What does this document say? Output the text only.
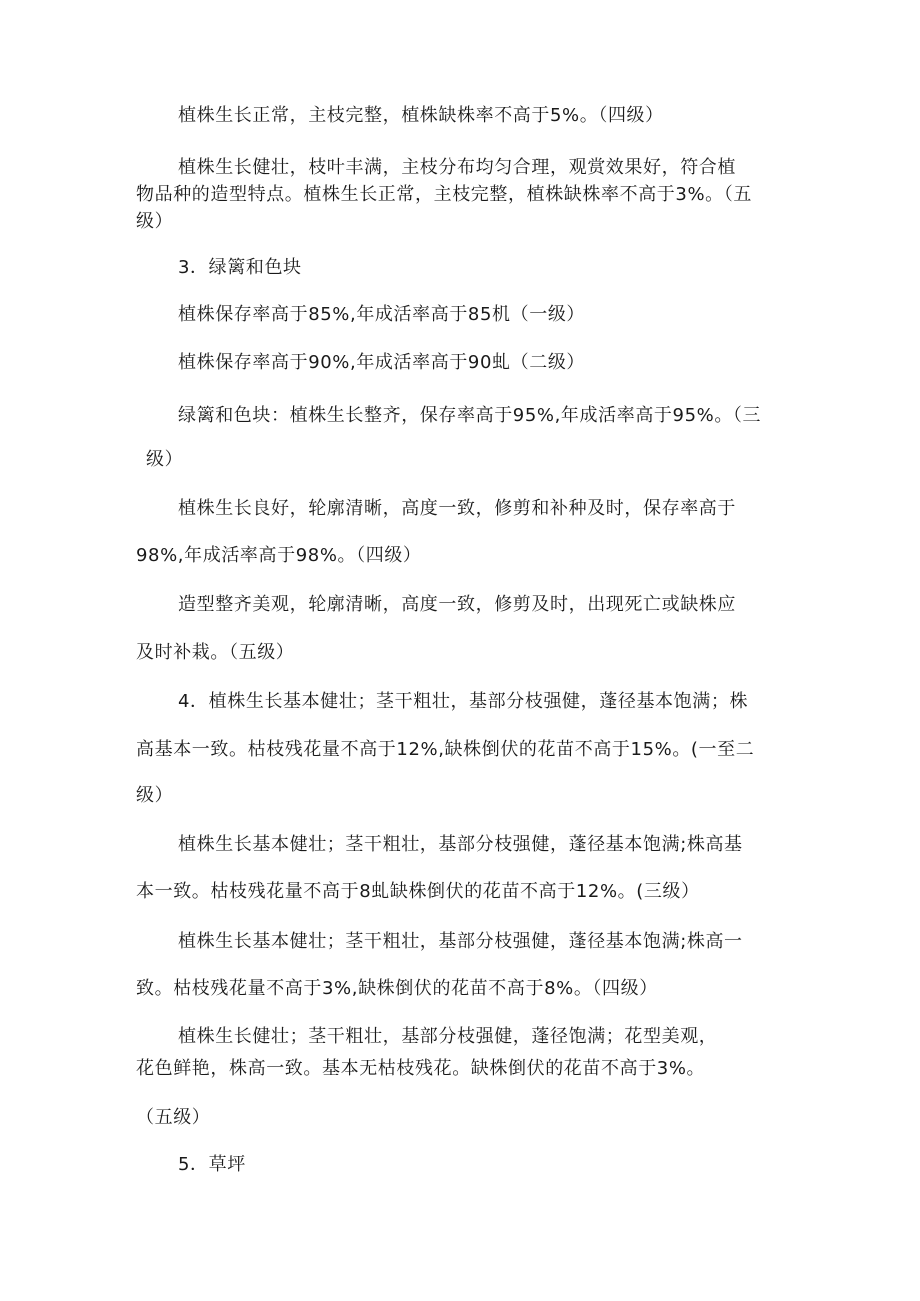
植株生长正常，主枝完整，植株缺株率不高于5%。（四级）
植株生长健壮，枝叶丰满，主枝分布均匀合理，观赏效果好，符合植
物品种的造型特点。植株生长正常，主枝完整，植株缺株率不高于3%。（五
级）
3．绿篱和色块
植株保存率高于85%,年成活率高于85机（一级）
植株保存率高于90%,年成活率高于90虬（二级）
绿篱和色块：植株生长整齐，保存率高于95%,年成活率高于95%。（三
级）
植株生长良好，轮廓清晰，高度一致，修剪和补种及时，保存率高于
98%,年成活率高于98%。（四级）
造型整齐美观，轮廓清晰，高度一致，修剪及时，出现死亡或缺株应
及时补栽。（五级）
4．植株生长基本健壮；茎干粗壮，基部分枝强健，蓬径基本饱满；株
高基本一致。枯枝残花量不高于12%,缺株倒伏的花苗不高于15%。(一至二
级）
植株生长基本健壮；茎干粗壮，基部分枝强健，蓬径基本饱满;株高基
本一致。枯枝残花量不高于8虬缺株倒伏的花苗不高于12%。(三级）
植株生长基本健壮；茎干粗壮，基部分枝强健，蓬径基本饱满;株高一
致。枯枝残花量不高于3%,缺株倒伏的花苗不高于8%。（四级）
植株生长健壮；茎干粗壮，基部分枝强健，蓬径饱满；花型美观，
花色鲜艳，株高一致。基本无枯枝残花。缺株倒伏的花苗不高于3%。
（五级）
5．草坪
